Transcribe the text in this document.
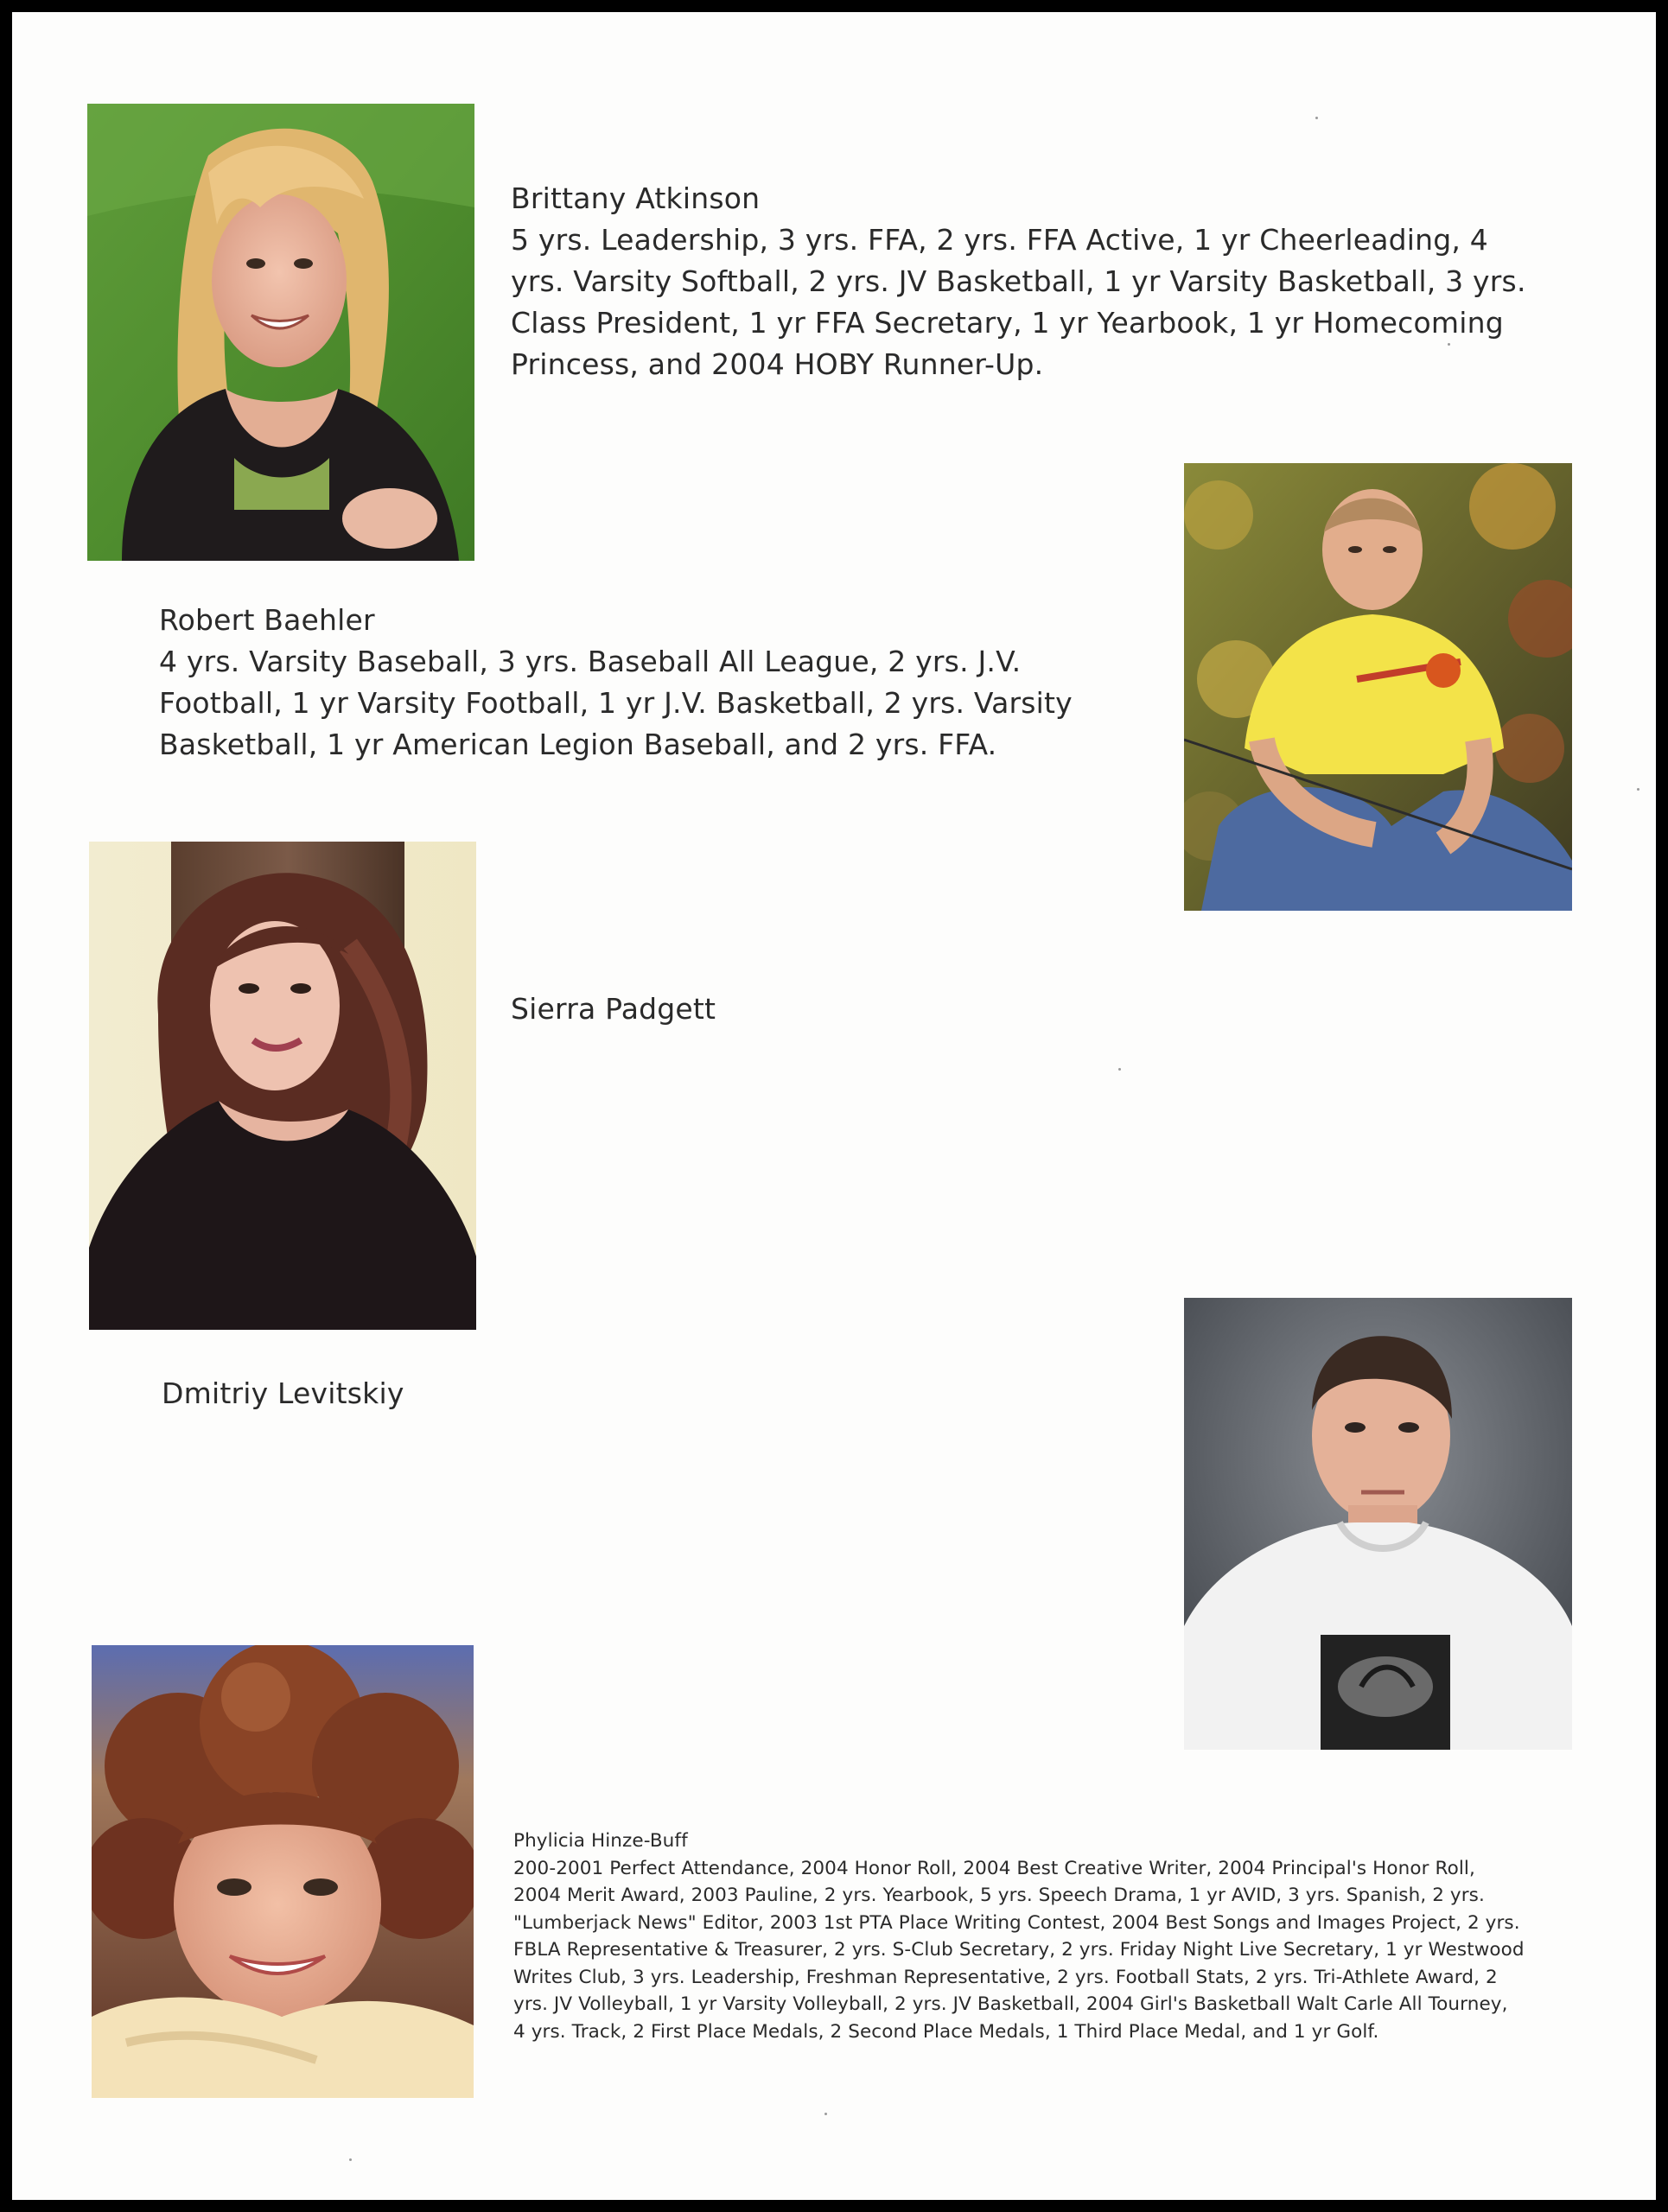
Brittany Atkinson
5 yrs. Leadership, 3 yrs. FFA, 2 yrs. FFA Active, 1 yr Cheerleading, 4 yrs. Varsity Softball, 2 yrs. JV Basketball, 1 yr Varsity Basketball, 3 yrs. Class President, 1 yr FFA Secretary, 1 yr Yearbook, 1 yr Homecoming Princess, and 2004 HOBY Runner-Up.
Robert Baehler
4 yrs. Varsity Baseball, 3 yrs. Baseball All League, 2 yrs. J.V. Football, 1 yr Varsity Football, 1 yr J.V. Basketball, 2 yrs. Varsity Basketball, 1 yr American Legion Baseball, and 2 yrs. FFA.
Sierra Padgett
Dmitriy Levitskiy
Phylicia Hinze-Buff
200-2001 Perfect Attendance, 2004 Honor Roll, 2004 Best Creative Writer, 2004 Principal's Honor Roll, 2004 Merit Award, 2003 Pauline, 2 yrs. Yearbook, 5 yrs. Speech Drama, 1 yr AVID, 3 yrs. Spanish, 2 yrs. "Lumberjack News" Editor, 2003 1st PTA Place Writing Contest, 2004 Best Songs and Images Project, 2 yrs. FBLA Representative & Treasurer, 2 yrs. S-Club Secretary, 2 yrs. Friday Night Live Secretary, 1 yr Westwood Writes Club, 3 yrs. Leadership, Freshman Representative, 2 yrs. Football Stats, 2 yrs. Tri-Athlete Award, 2 yrs. JV Volleyball, 1 yr Varsity Volleyball, 2 yrs. JV Basketball, 2004 Girl's Basketball Walt Carle All Tourney, 4 yrs. Track, 2 First Place Medals, 2 Second Place Medals, 1 Third Place Medal, and 1 yr Golf.
